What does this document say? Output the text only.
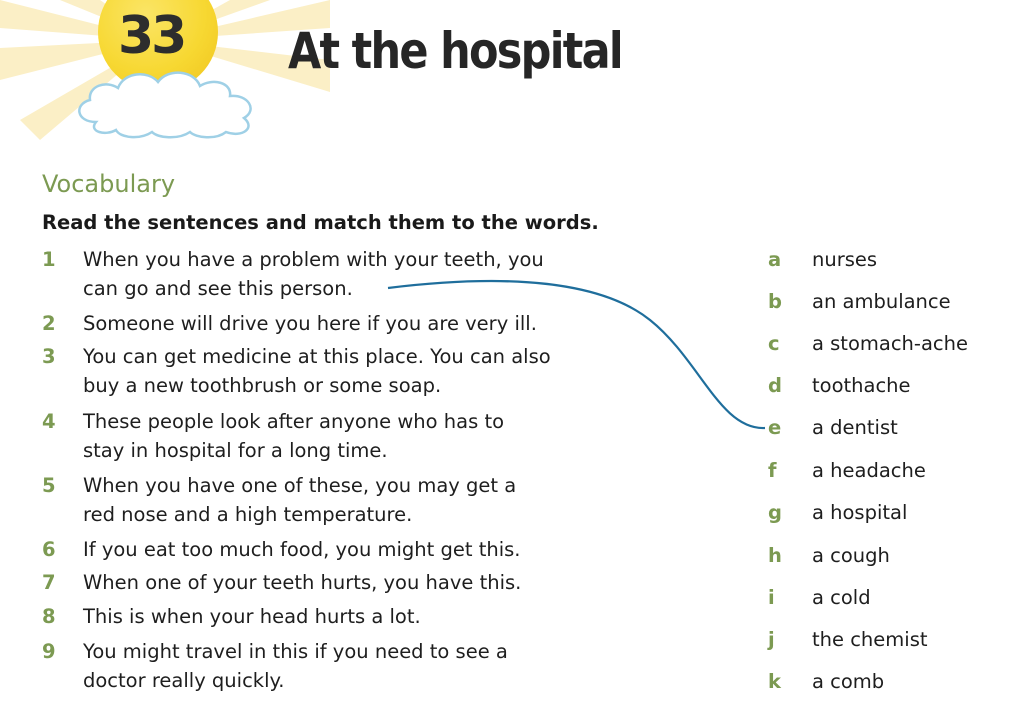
33 At the hospital
Vocabulary
Read the sentences and match them to the words.
1	When you have a problem with your teeth, you
can go and see this person.
2	Someone will drive you here if you are very ill.
3	You can get medicine at this place. You can also
buy a new toothbrush or some soap.
4	These people look after anyone who has to
stay in hospital for a long time.
5	When you have one of these, you may get a
red nose and a high temperature.
6	If you eat too much food, you might get this.
7	When one of your teeth hurts, you have this.
8	This is when your head hurts a lot.
9	You might travel in this if you need to see a
doctor really quickly.
a	nurses
b	an ambulance
c	a stomach-ache
d	toothache
e	a dentist
f	a headache
g	a hospital
h	a cough
i	a cold
j	the chemist
k	a comb
